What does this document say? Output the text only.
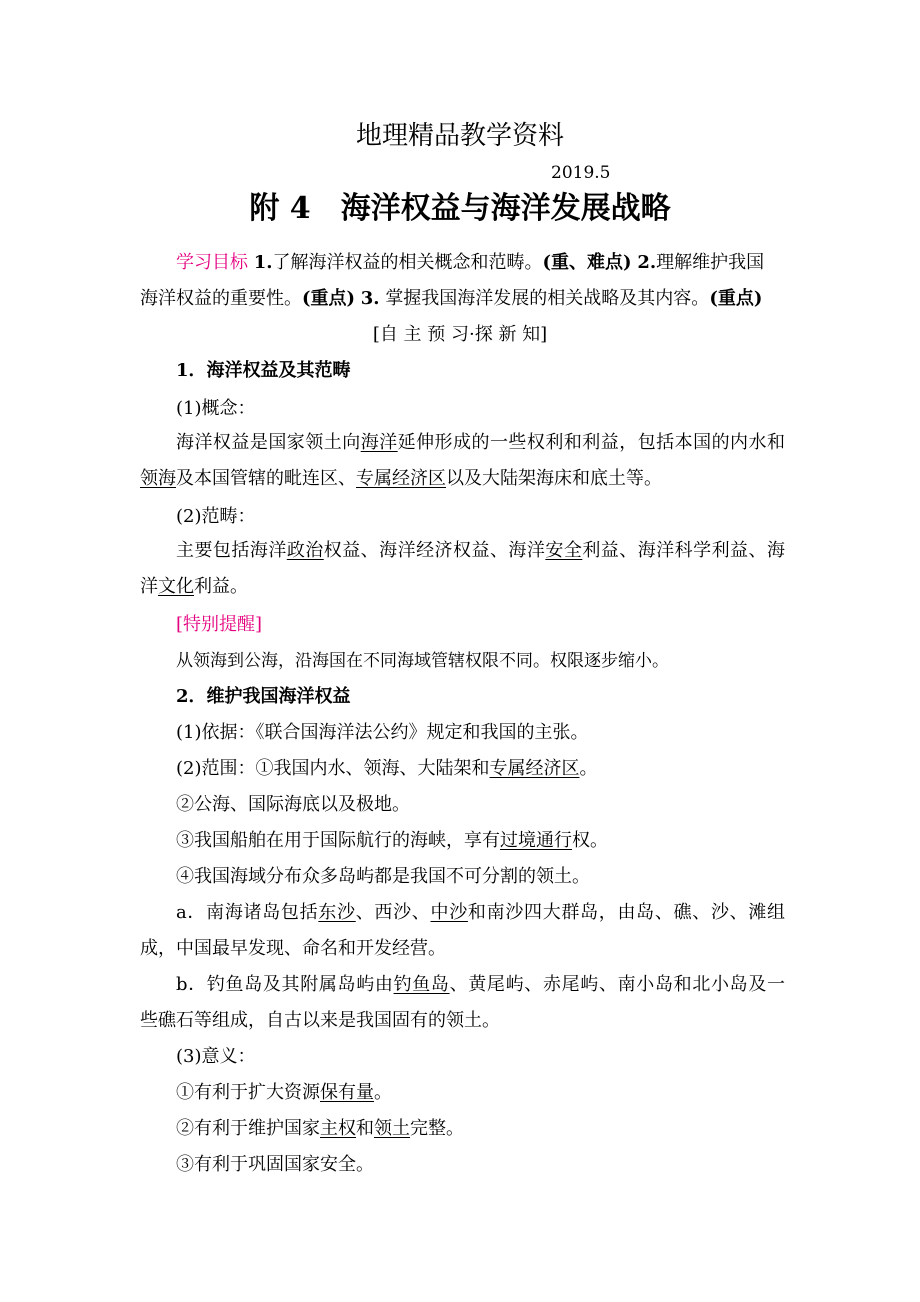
地理精品教学资料
2019.5
附 4　海洋权益与海洋发展战略
学习目标 1.了解海洋权益的相关概念和范畴。(重、难点) 2.理解维护我国
海洋权益的重要性。(重点) 3. 掌握我国海洋发展的相关战略及其内容。(重点)
[自 主 预 习·探 新 知]
1．海洋权益及其范畴
(1)概念：
海洋权益是国家领土向海洋延伸形成的一些权利和利益，包括本国的内水和
领海及本国管辖的毗连区、专属经济区以及大陆架海床和底土等。
(2)范畴：
主要包括海洋政治权益、海洋经济权益、海洋安全利益、海洋科学利益、海
洋文化利益。
[特别提醒]
从领海到公海，沿海国在不同海域管辖权限不同。权限逐步缩小。
2．维护我国海洋权益
(1)依据：《联合国海洋法公约》规定和我国的主张。
(2)范围：①我国内水、领海、大陆架和专属经济区。
②公海、国际海底以及极地。
③我国船舶在用于国际航行的海峡，享有过境通行权。
④我国海域分布众多岛屿都是我国不可分割的领土。
a．南海诸岛包括东沙、西沙、中沙和南沙四大群岛，由岛、礁、沙、滩组
成，中国最早发现、命名和开发经营。
b．钓鱼岛及其附属岛屿由钓鱼岛、黄尾屿、赤尾屿、南小岛和北小岛及一
些礁石等组成，自古以来是我国固有的领土。
(3)意义：
①有利于扩大资源保有量。
②有利于维护国家主权和领土完整。
③有利于巩固国家安全。
